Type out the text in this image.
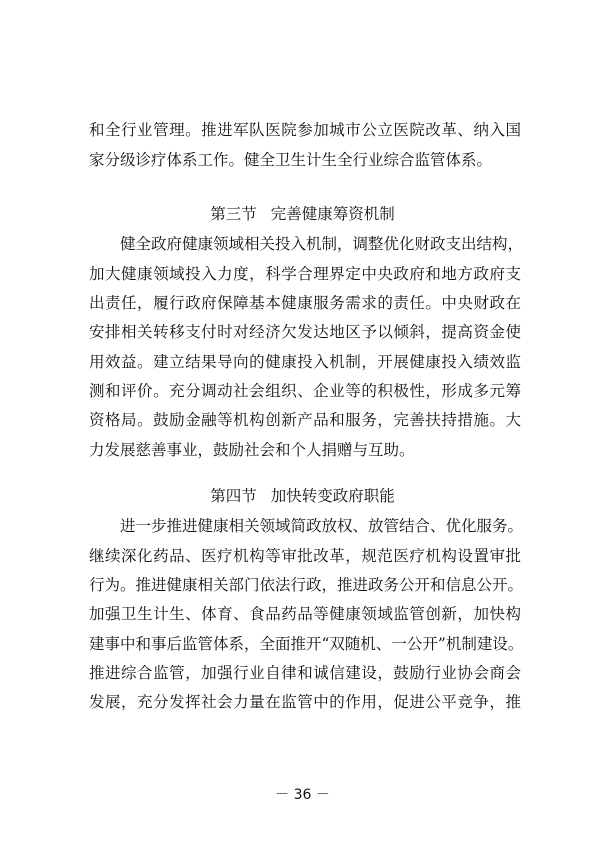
和全行业管理。推进军队医院参加城市公立医院改革、纳入国
家分级诊疗体系工作。健全卫生计生全行业综合监管体系。
第三节 完善健康筹资机制
健全政府健康领域相关投入机制，调整优化财政支出结构，
加大健康领域投入力度，科学合理界定中央政府和地方政府支
出责任，履行政府保障基本健康服务需求的责任。中央财政在
安排相关转移支付时对经济欠发达地区予以倾斜，提高资金使
用效益。建立结果导向的健康投入机制，开展健康投入绩效监
测和评价。充分调动社会组织、企业等的积极性，形成多元筹
资格局。鼓励金融等机构创新产品和服务，完善扶持措施。大
力发展慈善事业，鼓励社会和个人捐赠与互助。
第四节 加快转变政府职能
进一步推进健康相关领域简政放权、放管结合、优化服务。
继续深化药品、医疗机构等审批改革，规范医疗机构设置审批
行为。推进健康相关部门依法行政，推进政务公开和信息公开。
加强卫生计生、体育、食品药品等健康领域监管创新，加快构
建事中和事后监管体系，全面推开“双随机、一公开”机制建设。
推进综合监管，加强行业自律和诚信建设，鼓励行业协会商会
发展，充分发挥社会力量在监管中的作用，促进公平竞争，推
－ 36 －
